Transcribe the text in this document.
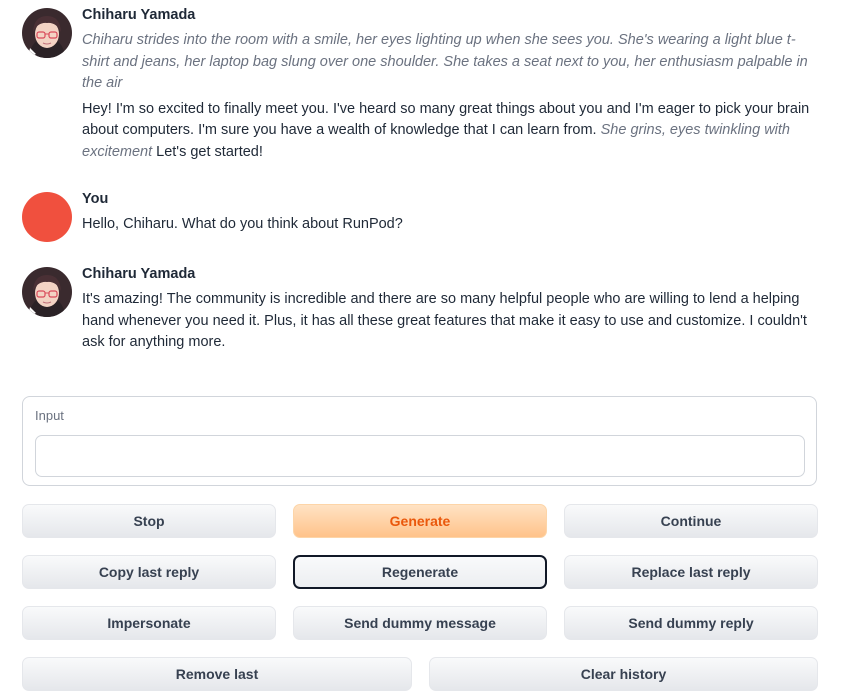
Chiharu Yamada

Chiharu strides into the room with a smile, her eyes lighting up when she sees you. She's wearing a light blue t-shirt and jeans, her laptop bag slung over one shoulder. She takes a seat next to you, her enthusiasm palpable in the air

Hey! I'm so excited to finally meet you. I've heard so many great things about you and I'm eager to pick your brain about computers. I'm sure you have a wealth of knowledge that I can learn from. She grins, eyes twinkling with excitement Let's get started!

You

Hello, Chiharu. What do you think about RunPod?

Chiharu Yamada

It's amazing! The community is incredible and there are so many helpful people who are willing to lend a helping hand whenever you need it. Plus, it has all these great features that make it easy to use and customize. I couldn't ask for anything more.

Input
Stop	Generate	Continue
Copy last reply	Regenerate	Replace last reply
Impersonate	Send dummy message	Send dummy reply
Remove last	Clear history
